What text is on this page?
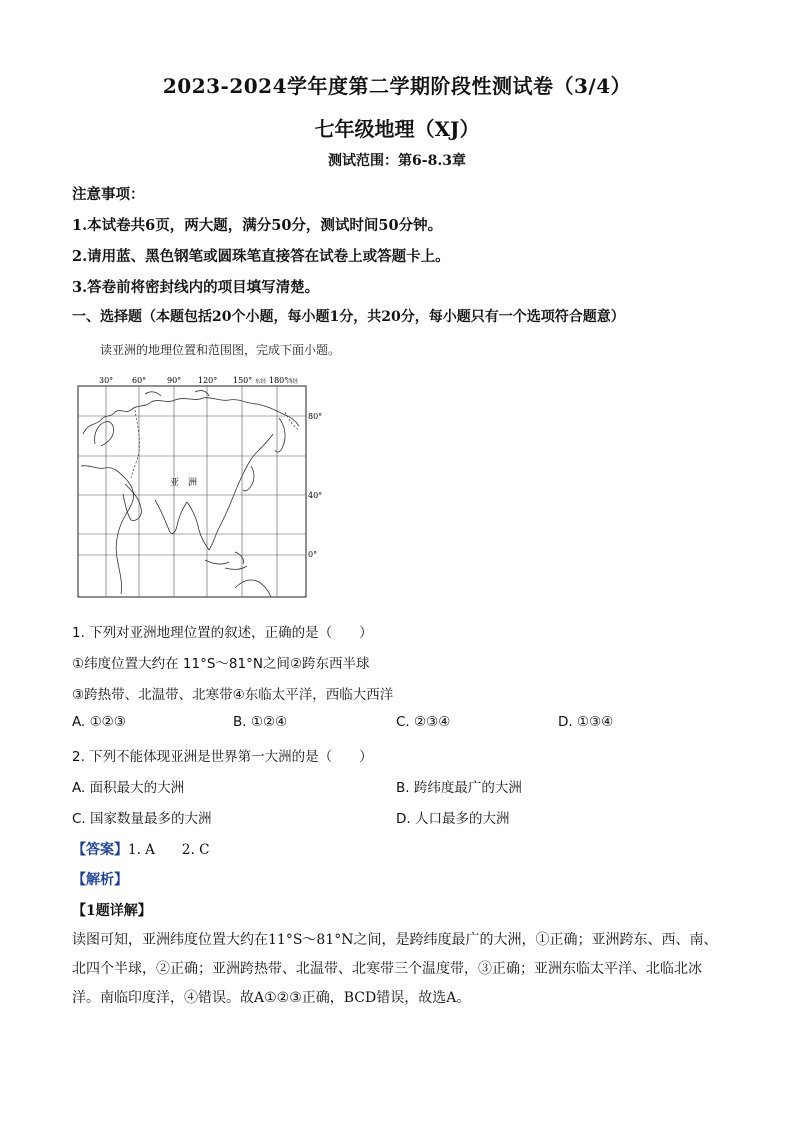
2023-2024学年度第二学期阶段性测试卷（3/4）
七年级地理（XJ）
测试范围：第6-8.3章
注意事项：
1.本试卷共6页，两大题，满分50分，测试时间50分钟。
2.请用蓝、黑色钢笔或圆珠笔直接答在试卷上或答题卡上。
3.答卷前将密封线内的项目填写清楚。
一、选择题（本题包括20个小题，每小题1分，共20分，每小题只有一个选项符合题意）
读亚洲的地理位置和范围图，完成下面小题。
30° 60°	90° 120° 150° 东经 180°
西经
80°
40°
0°
亚　洲
1. 下列对亚洲地理位置的叙述，正确的是（　　）
①纬度位置大约在 11°S～81°N之间②跨东西半球
③跨热带、北温带、北寒带④东临太平洋，西临大西洋
A. ①②③	B. ①②④	C. ②③④	D. ①③④
2. 下列不能体现亚洲是世界第一大洲的是（　　）
A. 面积最大的大洲	B. 跨纬度最广的大洲
C. 国家数量最多的大洲	D. 人口最多的大洲
【答案】1. A　　2. C
【解析】
【1题详解】
读图可知，亚洲纬度位置大约在11°S～81°N之间，是跨纬度最广的大洲，①正确；亚洲跨东、西、南、北四个半球，②正确；亚洲跨热带、北温带、北寒带三个温度带，③正确；亚洲东临太平洋、北临北冰洋。南临印度洋，④错误。故A①②③正确，BCD错误，故选A。
